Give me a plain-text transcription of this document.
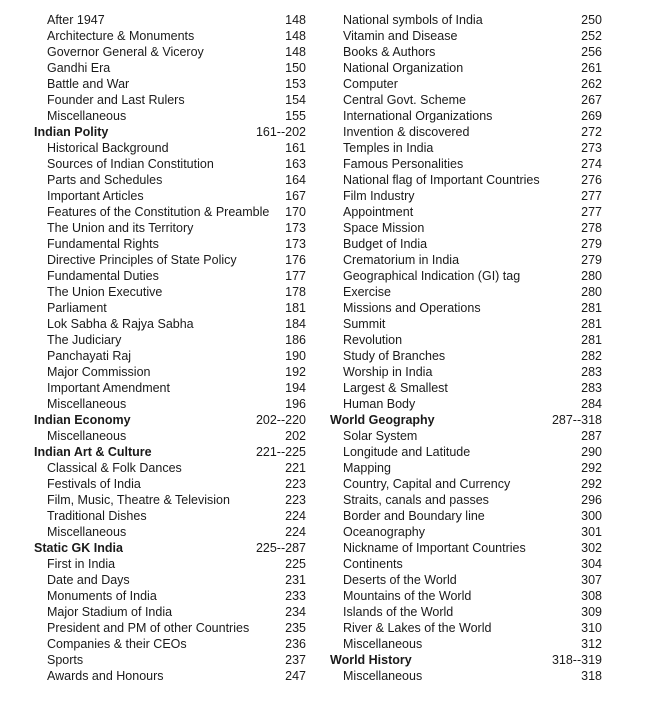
After 1947	148
Architecture & Monuments	148
Governor General & Viceroy	148
Gandhi Era	150
Battle and War	153
Founder and Last Rulers	154
Miscellaneous	155
Indian Polity	161--202
Historical Background	161
Sources of Indian Constitution	163
Parts and Schedules	164
Important Articles	167
Features of the Constitution & Preamble 170
The Union and its Territory	173
Fundamental Rights	173
Directive Principles of State Policy	176
Fundamental Duties	177
The Union Executive	178
Parliament	181
Lok Sabha & Rajya Sabha	184
The Judiciary	186
Panchayati Raj	190
Major Commission	192
Important Amendment	194
Miscellaneous	196
Indian Economy	202--220
Miscellaneous	202
Indian Art & Culture	221--225
Classical & Folk Dances	221
Festivals of India	223
Film, Music, Theatre & Television	223
Traditional Dishes	224
Miscellaneous	224
Static GK India	225--287
First in India	225
Date and Days	231
Monuments of India	233
Major Stadium of India	234
President and PM of other Countries	235
Companies & their CEOs	236
Sports	237
Awards and Honours	247
National symbols of India	250
Vitamin and Disease	252
Books & Authors	256
National Organization	261
Computer	262
Central Govt. Scheme	267
International Organizations	269
Invention & discovered	272
Temples in India	273
Famous Personalities	274
National flag of Important Countries	276
Film Industry	277
Appointment	277
Space Mission	278
Budget of India	279
Crematorium in India	279
Geographical Indication (GI) tag	280
Exercise	280
Missions and Operations	281
Summit	281
Revolution	281
Study of Branches	282
Worship in India	283
Largest & Smallest	283
Human Body	284
World Geography	287--318
Solar System	287
Longitude and Latitude	290
Mapping	292
Country, Capital and Currency	292
Straits, canals and passes	296
Border and Boundary line	300
Oceanography	301
Nickname of Important Countries	302
Continents	304
Deserts of the World	307
Mountains of the World	308
Islands of the World	309
River & Lakes of the World	310
Miscellaneous	312
World History	318--319
Miscellaneous	318
